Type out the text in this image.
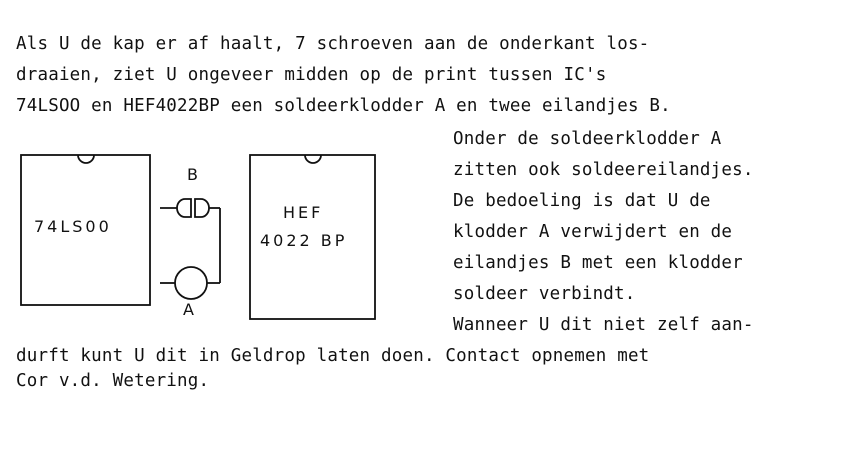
Als U de kap er af haalt, 7 schroeven aan de onderkant los-
draaien, ziet U ongeveer midden op de print tussen IC's
74LSOO en HEF4022BP een soldeerklodder A en twee eilandjes B.
Onder de soldeerklodder A
zitten ook soldeereilandjes.
De bedoeling is dat U de
klodder A verwijdert en de
eilandjes B met een klodder
soldeer verbindt.
Wanneer U dit niet zelf aan-
durft kunt U dit in Geldrop laten doen. Contact opnemen met
Cor v.d. Wetering.
74LS00
HEF
4022 BP
B
A
